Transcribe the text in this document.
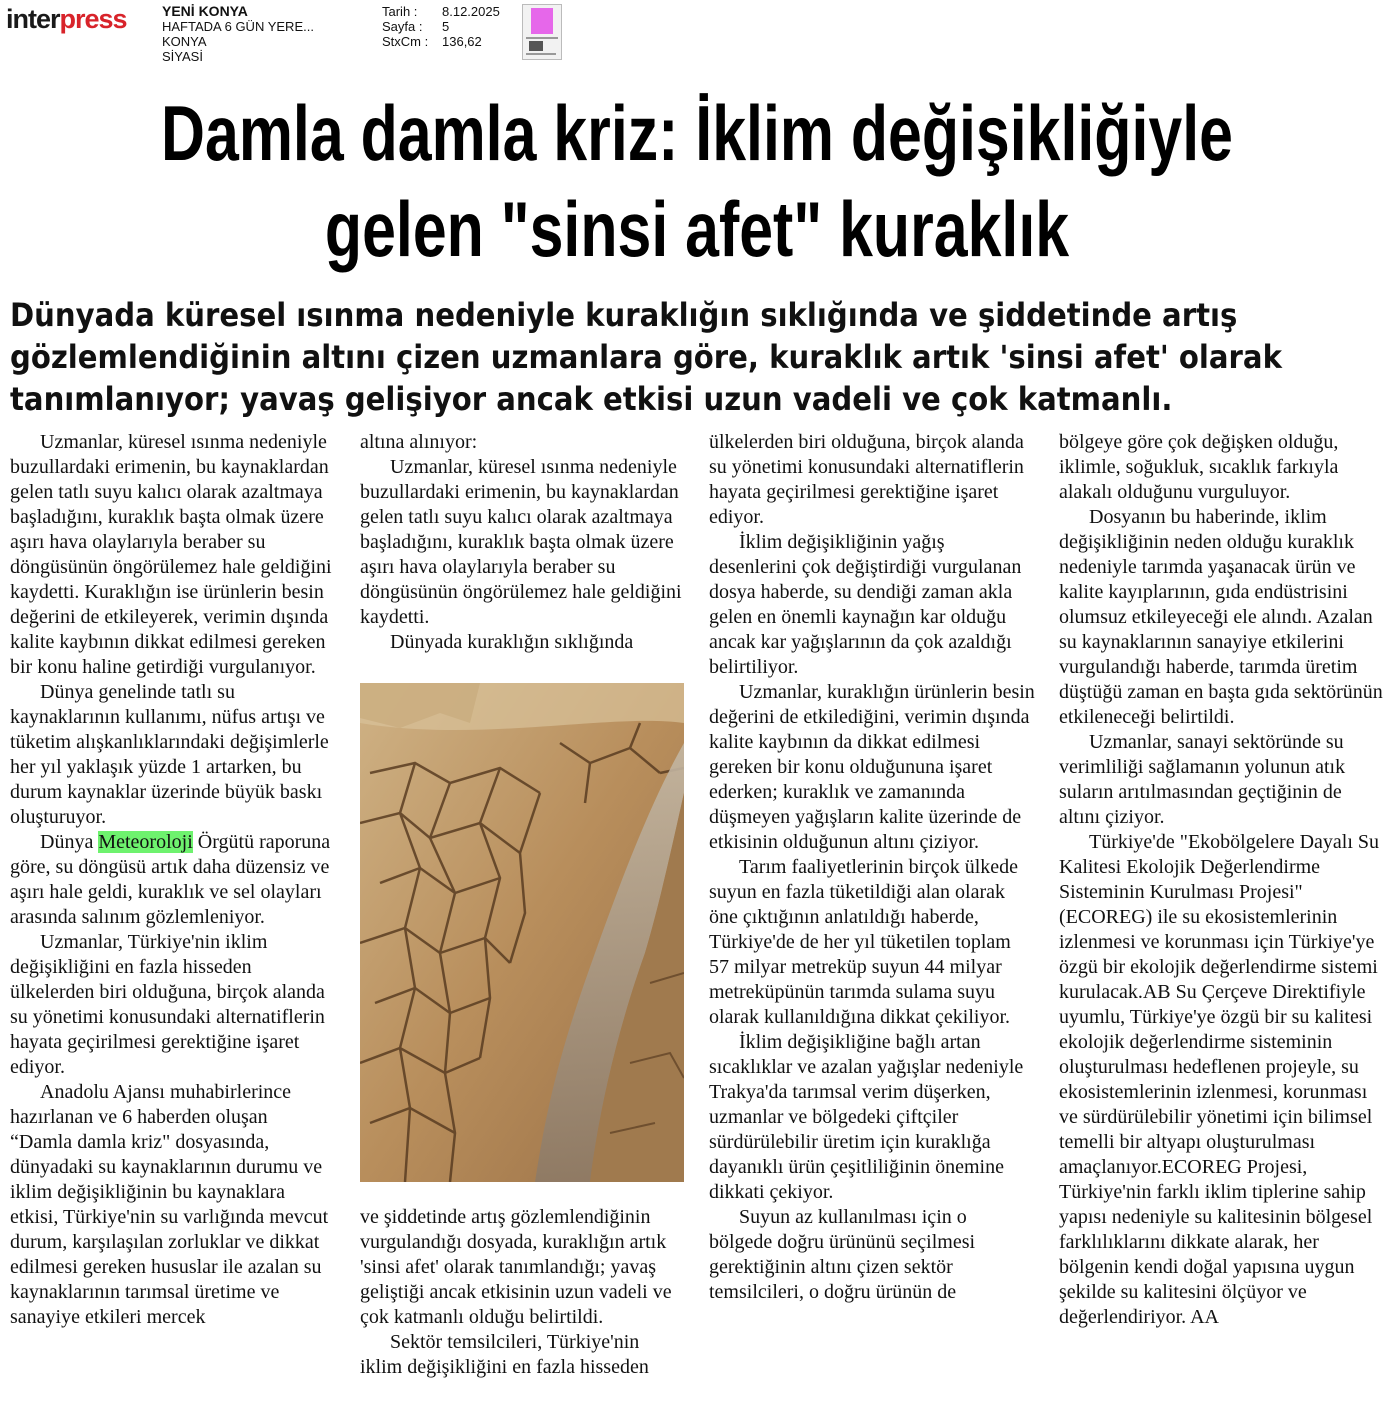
interpress	YENİ KONYA
HAFTADA 6 GÜN YERE...
KONYA
SİYASİ
Tarih :	8.12.2025
Sayfa :	5
StxCm :	136,62
Damla damla kriz: İklim değişikliğiyle
gelen "sinsi afet" kuraklık
Dünyada küresel ısınma nedeniyle kuraklığın sıklığında ve şiddetinde artış
gözlemlendiğinin altını çizen uzmanlara göre, kuraklık artık 'sinsi afet' olarak
tanımlanıyor; yavaş gelişiyor ancak etkisi uzun vadeli ve çok katmanlı.

Uzmanlar, küresel ısınma nedeniyle buzullardaki erimenin, bu kaynaklardan gelen tatlı suyu kalıcı olarak azaltmaya başladığını, kuraklık başta olmak üzere aşırı hava olaylarıyla beraber su döngüsünün öngörülemez hale geldiğini kaydetti. Kuraklığın ise ürünlerin besin değerini de etkileyerek, verimin dışında kalite kaybının dikkat edilmesi gereken bir konu haline getirdiği vurgulanıyor.

Dünya genelinde tatlı su kaynaklarının kullanımı, nüfus artışı ve tüketim alışkanlıklarındaki değişimlerle her yıl yaklaşık yüzde 1 artarken, bu durum kaynaklar üzerinde büyük baskı oluşturuyor.

Dünya Meteoroloji Örgütü raporuna göre, su döngüsü artık daha düzensiz ve aşırı hale geldi, kuraklık ve sel olayları arasında salınım gözlemleniyor.

Uzmanlar, Türkiye'nin iklim değişikliğini en fazla hisseden ülkelerden biri olduğuna, birçok alanda su yönetimi konusundaki alternatiflerin hayata geçirilmesi gerektiğine işaret ediyor.

Anadolu Ajansı muhabirlerince hazırlanan ve 6 haberden oluşan “Damla damla kriz" dosyasında, dünyadaki su kaynaklarının durumu ve iklim değişikliğinin bu kaynaklara etkisi, Türkiye'nin su varlığında mevcut durum, karşılaşılan zorluklar ve dikkat edilmesi gereken hususlar ile azalan su kaynaklarının tarımsal üretime ve sanayiye etkileri mercek

altına alınıyor:

Uzmanlar, küresel ısınma nedeniyle buzullardaki erimenin, bu kaynaklardan gelen tatlı suyu kalıcı olarak azaltmaya başladığını, kuraklık başta olmak üzere aşırı hava olaylarıyla beraber su döngüsünün öngörülemez hale geldiğini kaydetti.

Dünyada kuraklığın sıklığında

ve şiddetinde artış gözlemlendiğinin vurgulandığı dosyada, kuraklığın artık 'sinsi afet' olarak tanımlandığı; yavaş geliştiği ancak etkisinin uzun vadeli ve çok katmanlı olduğu belirtildi.

Sektör temsilcileri, Türkiye'nin iklim değişikliğini en fazla hisseden

ülkelerden biri olduğuna, birçok alanda su yönetimi konusundaki alternatiflerin hayata geçirilmesi gerektiğine işaret ediyor.

İklim değişikliğinin yağış desenlerini çok değiştirdiği vurgulanan dosya haberde, su dendiği zaman akla gelen en önemli kaynağın kar olduğu ancak kar yağışlarının da çok azaldığı belirtiliyor.

Uzmanlar, kuraklığın ürünlerin besin değerini de etkilediğini, verimin dışında kalite kaybının da dikkat edilmesi gereken bir konu olduğununa işaret ederken; kuraklık ve zamanında düşmeyen yağışların kalite üzerinde de etkisinin olduğunun altını çiziyor.

Tarım faaliyetlerinin birçok ülkede suyun en fazla tüketildiği alan olarak öne çıktığının anlatıldığı haberde, Türkiye'de de her yıl tüketilen toplam 57 milyar metreküp suyun 44 milyar metreküpünün tarımda sulama suyu olarak kullanıldığına dikkat çekiliyor.

İklim değişikliğine bağlı artan sıcaklıklar ve azalan yağışlar nedeniyle Trakya'da tarımsal verim düşerken, uzmanlar ve bölgedeki çiftçiler sürdürülebilir üretim için kuraklığa dayanıklı ürün çeşitliliğinin önemine dikkati çekiyor.

Suyun az kullanılması için o bölgede doğru ürününü seçilmesi gerektiğinin altını çizen sektör temsilcileri, o doğru ürünün de

bölgeye göre çok değişken olduğu, iklimle, soğukluk, sıcaklık farkıyla alakalı olduğunu vurguluyor.

Dosyanın bu haberinde, iklim değişikliğinin neden olduğu kuraklık nedeniyle tarımda yaşanacak ürün ve kalite kayıplarının, gıda endüstrisini olumsuz etkileyeceği ele alındı. Azalan su kaynaklarının sanayiye etkilerini vurgulandığı haberde, tarımda üretim düştüğü zaman en başta gıda sektörünün etkileneceği belirtildi.

Uzmanlar, sanayi sektöründe su verimliliği sağlamanın yolunun atık suların arıtılmasından geçtiğinin de altını çiziyor.

Türkiye'de "Ekobölgelere Dayalı Su Kalitesi Ekolojik Değerlendirme Sisteminin Kurulması Projesi" (ECOREG) ile su ekosistemlerinin izlenmesi ve korunması için Türkiye'ye özgü bir ekolojik değerlendirme sistemi kurulacak.AB Su Çerçeve Direktifiyle uyumlu, Türkiye'ye özgü bir su kalitesi ekolojik değerlendirme sisteminin oluşturulması hedeflenen projeyle, su ekosistemlerinin izlenmesi, korunması ve sürdürülebilir yönetimi için bilimsel temelli bir altyapı oluşturulması amaçlanıyor.ECOREG Projesi, Türkiye'nin farklı iklim tiplerine sahip yapısı nedeniyle su kalitesinin bölgesel farklılıklarını dikkate alarak, her bölgenin kendi doğal yapısına uygun şekilde su kalitesini ölçüyor ve değerlendiriyor. AA
